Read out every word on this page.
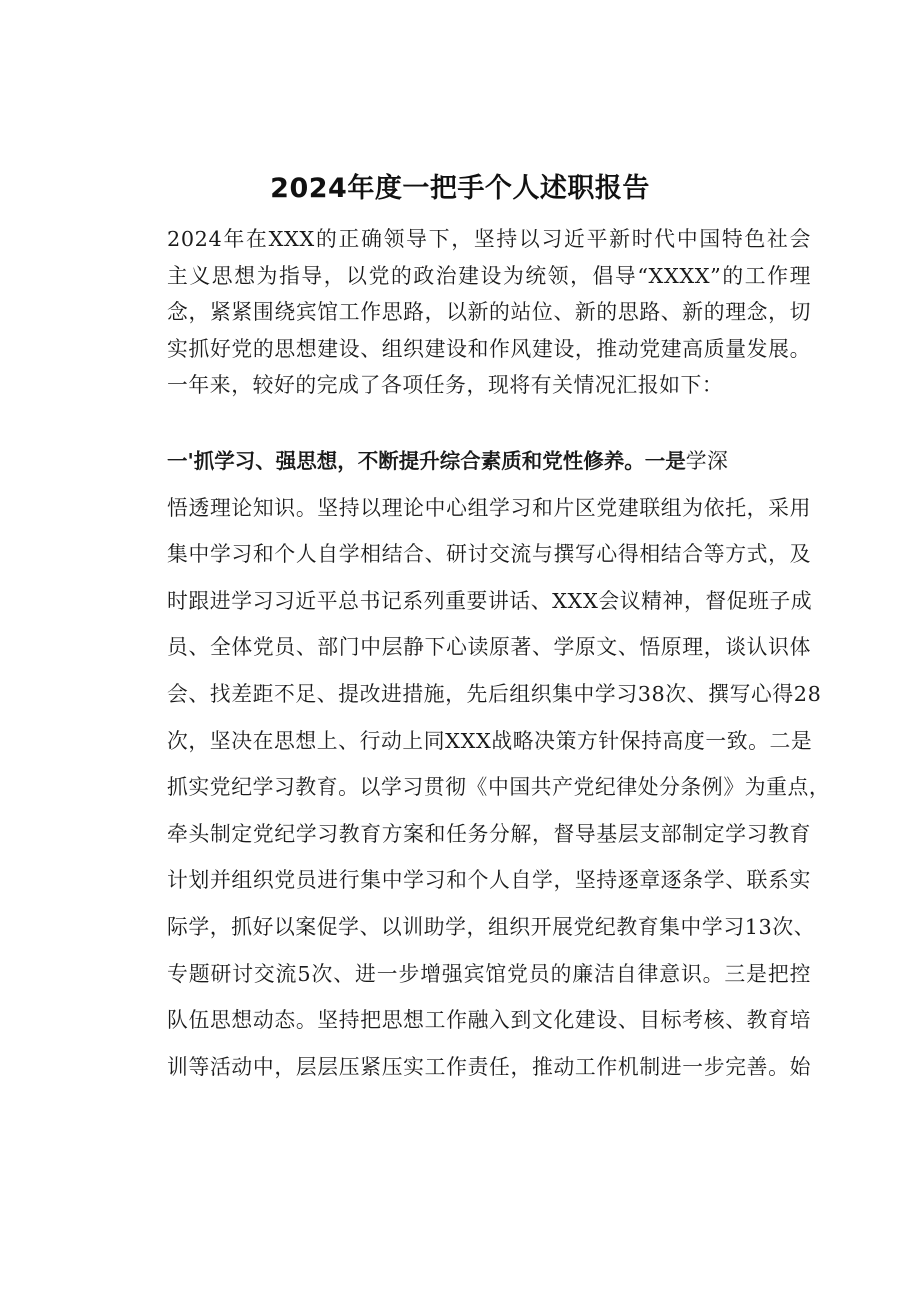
2024年度一把手个人述职报告
2024年在XXX的正确领导下，坚持以习近平新时代中国特色社会
主义思想为指导，以党的政治建设为统领，倡导“XXXX”的工作理
念，紧紧围绕宾馆工作思路，以新的站位、新的思路、新的理念，切
实抓好党的思想建设、组织建设和作风建设，推动党建高质量发展。
一年来，较好的完成了各项任务，现将有关情况汇报如下：
一'抓学习、强思想，不断提升综合素质和党性修养。一是学深
悟透理论知识。坚持以理论中心组学习和片区党建联组为依托，采用
集中学习和个人自学相结合、研讨交流与撰写心得相结合等方式，及
时跟进学习习近平总书记系列重要讲话、XXX会议精神，督促班子成
员、全体党员、部门中层静下心读原著、学原文、悟原理，谈认识体
会、找差距不足、提改进措施，先后组织集中学习38次、撰写心得28
次，坚决在思想上、行动上同XXX战略决策方针保持高度一致。二是
抓实党纪学习教育。以学习贯彻《中国共产党纪律处分条例》为重点，
牵头制定党纪学习教育方案和任务分解，督导基层支部制定学习教育
计划并组织党员进行集中学习和个人自学，坚持逐章逐条学、联系实
际学，抓好以案促学、以训助学，组织开展党纪教育集中学习13次、
专题研讨交流5次、进一步增强宾馆党员的廉洁自律意识。三是把控
队伍思想动态。坚持把思想工作融入到文化建设、目标考核、教育培
训等活动中，层层压紧压实工作责任，推动工作机制进一步完善。始
